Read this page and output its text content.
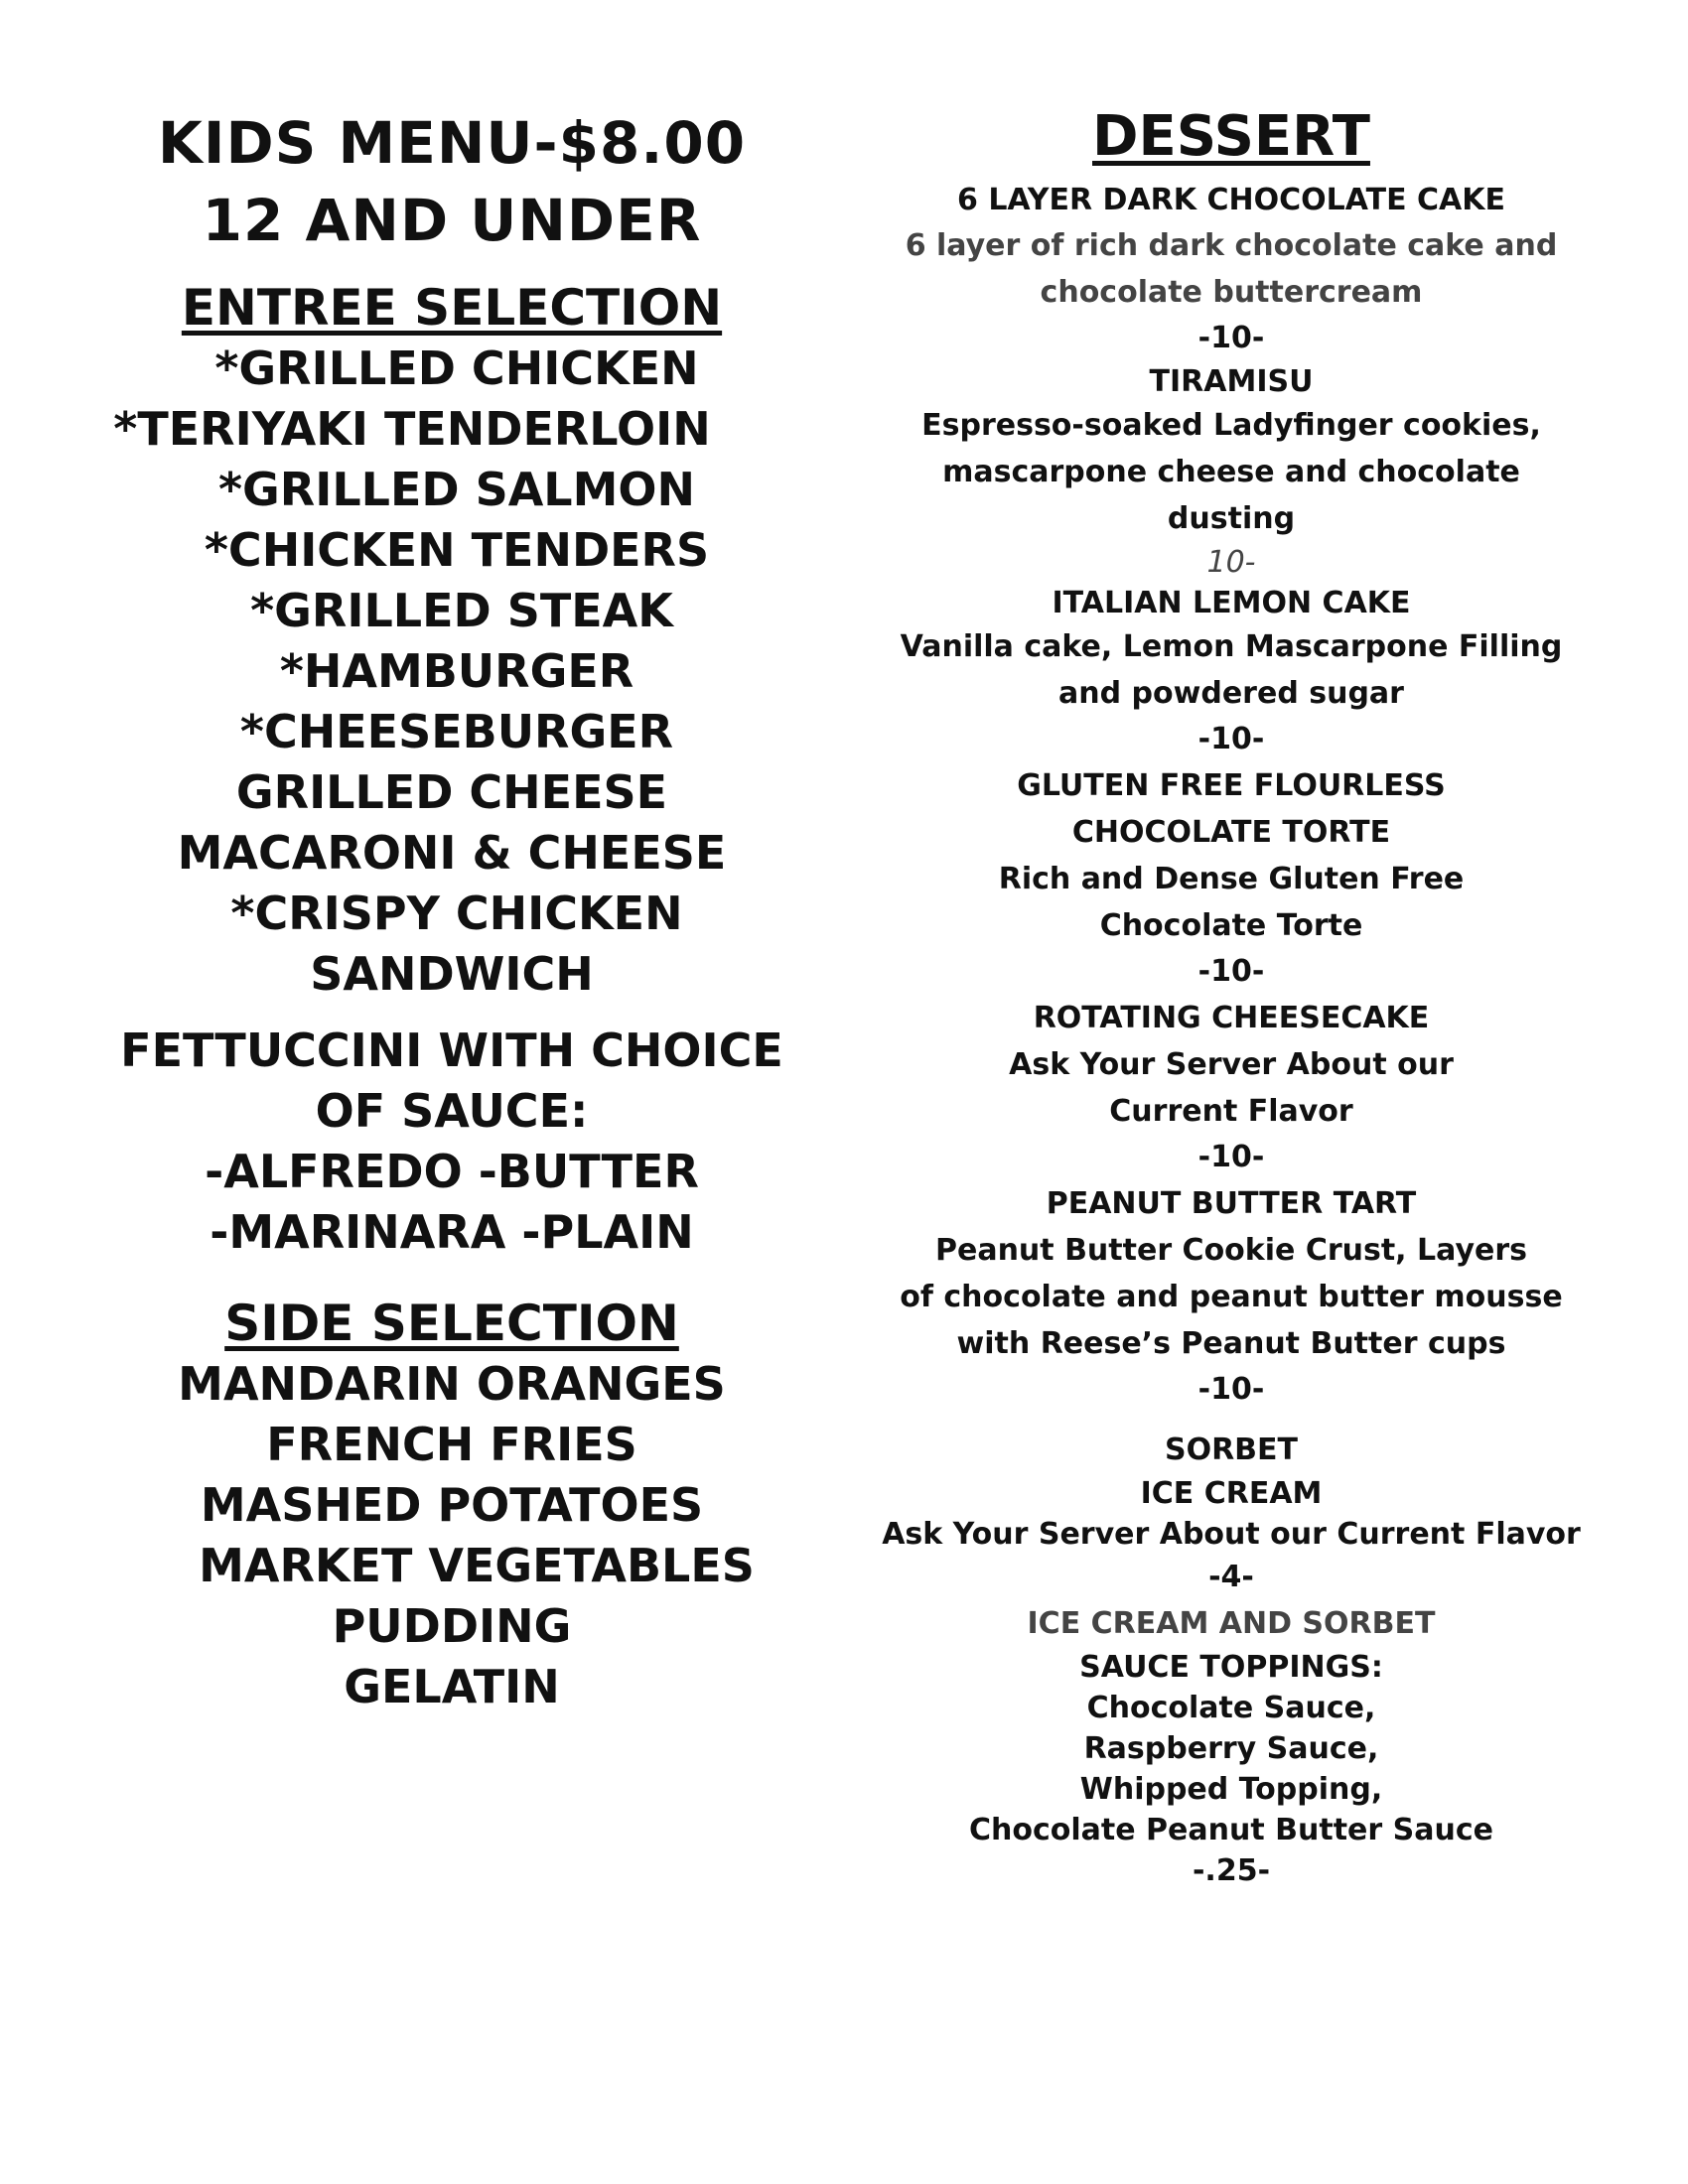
KIDS MENU-$8.00
12 AND UNDER
ENTREE SELECTION
*GRILLED CHICKEN
*TERIYAKI TENDERLOIN
*GRILLED SALMON
*CHICKEN TENDERS
*GRILLED STEAK
*HAMBURGER
*CHEESEBURGER
GRILLED CHEESE
MACARONI & CHEESE
*CRISPY CHICKEN
SANDWICH
FETTUCCINI WITH CHOICE
OF SAUCE:
-ALFREDO -BUTTER
-MARINARA -PLAIN
SIDE SELECTION
MANDARIN ORANGES
FRENCH FRIES
MASHED POTATOES
MARKET VEGETABLES
PUDDING
GELATIN
DESSERT
6 LAYER DARK CHOCOLATE CAKE
6 layer of rich dark chocolate cake and
chocolate buttercream
-10-
TIRAMISU
Espresso-soaked Ladyfinger cookies,
mascarpone cheese and chocolate
dusting
10-
ITALIAN LEMON CAKE
Vanilla cake, Lemon Mascarpone Filling
and powdered sugar
-10-
GLUTEN FREE FLOURLESS
CHOCOLATE TORTE
Rich and Dense Gluten Free
Chocolate Torte
-10-
ROTATING CHEESECAKE
Ask Your Server About our
Current Flavor
-10-
PEANUT BUTTER TART
Peanut Butter Cookie Crust, Layers
of chocolate and peanut butter mousse
with Reese’s Peanut Butter cups
-10-
SORBET
ICE CREAM
Ask Your Server About our Current Flavor
-4-
ICE CREAM AND SORBET
SAUCE TOPPINGS:
Chocolate Sauce,
Raspberry Sauce,
Whipped Topping,
Chocolate Peanut Butter Sauce
-.25-
